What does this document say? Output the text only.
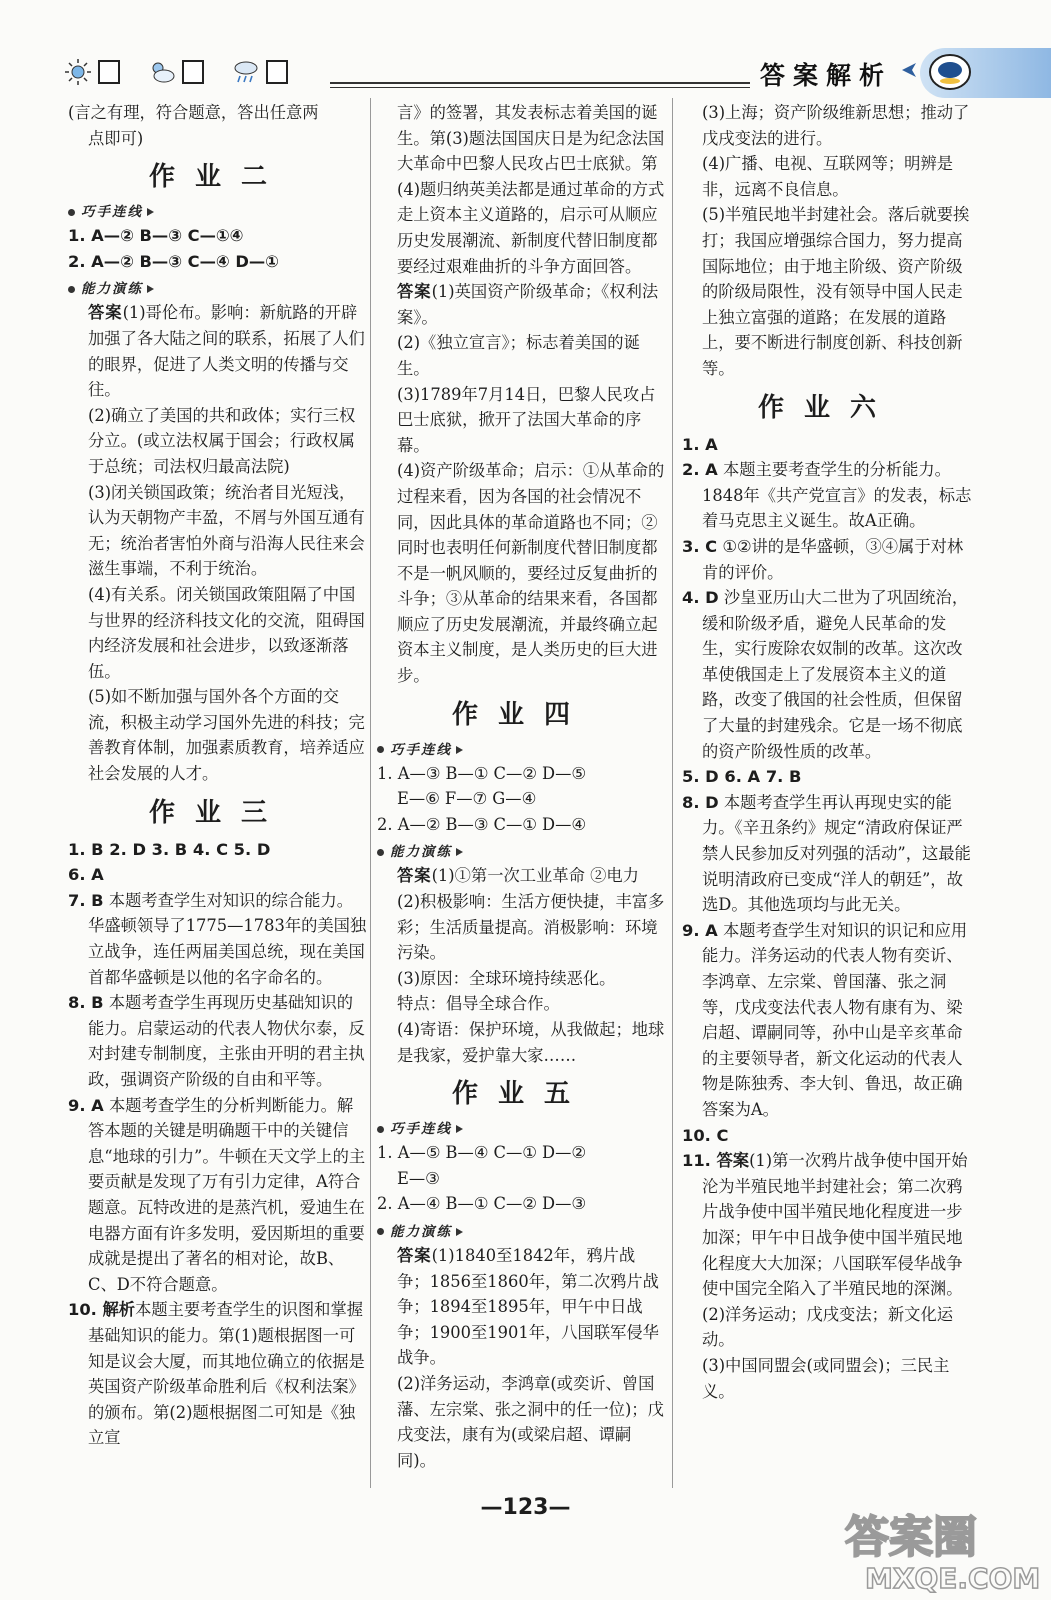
答案解析

(言之有理，符合题意，答出任意两

点即可)

作业二
巧手连线

1. A—② B—③ C—①④

2. A—② B—③ C—④ D—①

能力演练

答案(1)哥伦布。影响：新航路的开辟加强了各大陆之间的联系，拓展了人们的眼界，促进了人类文明的传播与交往。

(2)确立了美国的共和政体；实行三权分立。(或立法权属于国会；行政权属于总统；司法权归最高法院)

(3)闭关锁国政策；统治者目光短浅，认为天朝物产丰盈，不屑与外国互通有无；统治者害怕外商与沿海人民往来会滋生事端，不利于统治。

(4)有关系。闭关锁国政策阻隔了中国与世界的经济科技文化的交流，阻碍国内经济发展和社会进步，以致逐渐落伍。

(5)如不断加强与国外各个方面的交流，积极主动学习国外先进的科技；完善教育体制，加强素质教育，培养适应社会发展的人才。

作业三

1. B 2. D 3. B 4. C 5. D

6. A

7. B 本题考查学生对知识的综合能力。华盛顿领导了1775—1783年的美国独立战争，连任两届美国总统，现在美国首都华盛顿是以他的名字命名的。

8. B 本题考查学生再现历史基础知识的能力。启蒙运动的代表人物伏尔泰，反对封建专制制度，主张由开明的君主执政，强调资产阶级的自由和平等。

9. A 本题考查学生的分析判断能力。解答本题的关键是明确题干中的关键信息“地球的引力”。牛顿在天文学上的主要贡献是发现了万有引力定律，A符合题意。瓦特改进的是蒸汽机，爱迪生在电器方面有许多发明，爱因斯坦的重要成就是提出了著名的相对论，故B、C、D不符合题意。

10. 解析本题主要考查学生的识图和掌握基础知识的能力。第(1)题根据图一可知是议会大厦，而其地位确立的依据是英国资产阶级革命胜利后《权利法案》的颁布。第(2)题根据图二可知是《独立宣

言》的签署，其发表标志着美国的诞生。第(3)题法国国庆日是为纪念法国大革命中巴黎人民攻占巴士底狱。第(4)题归纳英美法都是通过革命的方式走上资本主义道路的，启示可从顺应历史发展潮流、新制度代替旧制度都要经过艰难曲折的斗争方面回答。

答案(1)英国资产阶级革命；《权利法案》。

(2)《独立宣言》；标志着美国的诞生。

(3)1789年7月14日，巴黎人民攻占巴士底狱，掀开了法国大革命的序幕。

(4)资产阶级革命；启示：①从革命的过程来看，因为各国的社会情况不同，因此具体的革命道路也不同；②同时也表明任何新制度代替旧制度都不是一帆风顺的，要经过反复曲折的斗争；③从革命的结果来看，各国都顺应了历史发展潮流，并最终确立起资本主义制度，是人类历史的巨大进步。

作业四
巧手连线

1. A—③ B—① C—② D—⑤

E—⑥ F—⑦ G—④

2. A—② B—③ C—① D—④

能力演练

答案(1)①第一次工业革命 ②电力

(2)积极影响：生活方便快捷，丰富多彩；生活质量提高。消极影响：环境污染。

(3)原因：全球环境持续恶化。

特点：倡导全球合作。

(4)寄语：保护环境，从我做起；地球是我家，爱护靠大家……

作业五
巧手连线

1. A—⑤ B—④ C—① D—②

E—③

2. A—④ B—① C—② D—③

能力演练

答案(1)1840至1842年，鸦片战争；1856至1860年，第二次鸦片战争；1894至1895年，甲午中日战争；1900至1901年，八国联军侵华战争。

(2)洋务运动，李鸿章(或奕䜣、曾国藩、左宗棠、张之洞中的任一位)；戊戌变法，康有为(或梁启超、谭嗣同)。

(3)上海；资产阶级维新思想；推动了戊戌变法的进行。

(4)广播、电视、互联网等；明辨是非，远离不良信息。

(5)半殖民地半封建社会。落后就要挨打；我国应增强综合国力，努力提高国际地位；由于地主阶级、资产阶级的阶级局限性，没有领导中国人民走上独立富强的道路；在发展的道路上，要不断进行制度创新、科技创新等。

作业六

1. A

2. A 本题主要考查学生的分析能力。1848年《共产党宣言》的发表，标志着马克思主义诞生。故A正确。

3. C ①②讲的是华盛顿，③④属于对林肯的评价。

4. D 沙皇亚历山大二世为了巩固统治，缓和阶级矛盾，避免人民革命的发生，实行废除农奴制的改革。这次改革使俄国走上了发展资本主义的道路，改变了俄国的社会性质，但保留了大量的封建残余。它是一场不彻底的资产阶级性质的改革。

5. D 6. A 7. B

8. D 本题考查学生再认再现史实的能力。《辛丑条约》规定“清政府保证严禁人民参加反对列强的活动”，这最能说明清政府已变成“洋人的朝廷”，故选D。其他选项均与此无关。

9. A 本题考查学生对知识的识记和应用能力。洋务运动的代表人物有奕䜣、李鸿章、左宗棠、曾国藩、张之洞等，戊戌变法代表人物有康有为、梁启超、谭嗣同等，孙中山是辛亥革命的主要领导者，新文化运动的代表人物是陈独秀、李大钊、鲁迅，故正确答案为A。

10. C

11. 答案(1)第一次鸦片战争使中国开始沦为半殖民地半封建社会；第二次鸦片战争使中国半殖民地化程度进一步加深；甲午中日战争使中国半殖民地化程度大大加深；八国联军侵华战争使中国完全陷入了半殖民地的深渊。

(2)洋务运动；戊戌变法；新文化运动。

(3)中国同盟会(或同盟会)；三民主义。

—123—
答案圈
MXQE.COM
